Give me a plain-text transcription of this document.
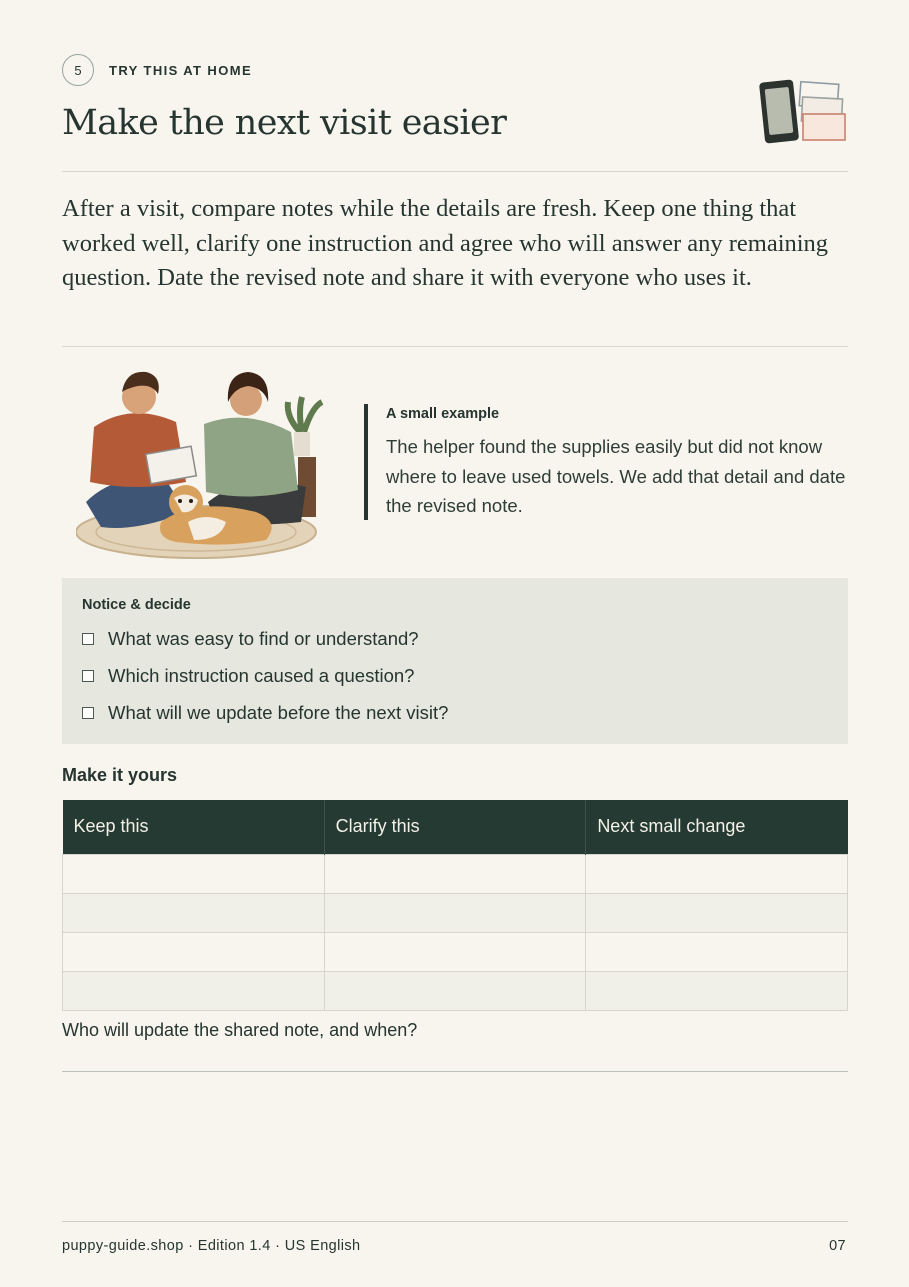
5	TRY THIS AT HOME
Make the next visit easier

After a visit, compare notes while the details are fresh. Keep one thing that worked well, clarify one instruction and agree who will answer any remaining question. Date the revised note and share it with everyone who uses it.

A small example

The helper found the supplies easily but did not know where to leave used towels. We add that detail and date the revised note.

Notice & decide
What was easy to find or understand?
Which instruction caused a question?
What will we update before the next visit?
Make it yours
Keep this	Clarify this	Next small change

Who will update the shared note, and when?
puppy-guide.shop · Edition 1.4 · US English	07
